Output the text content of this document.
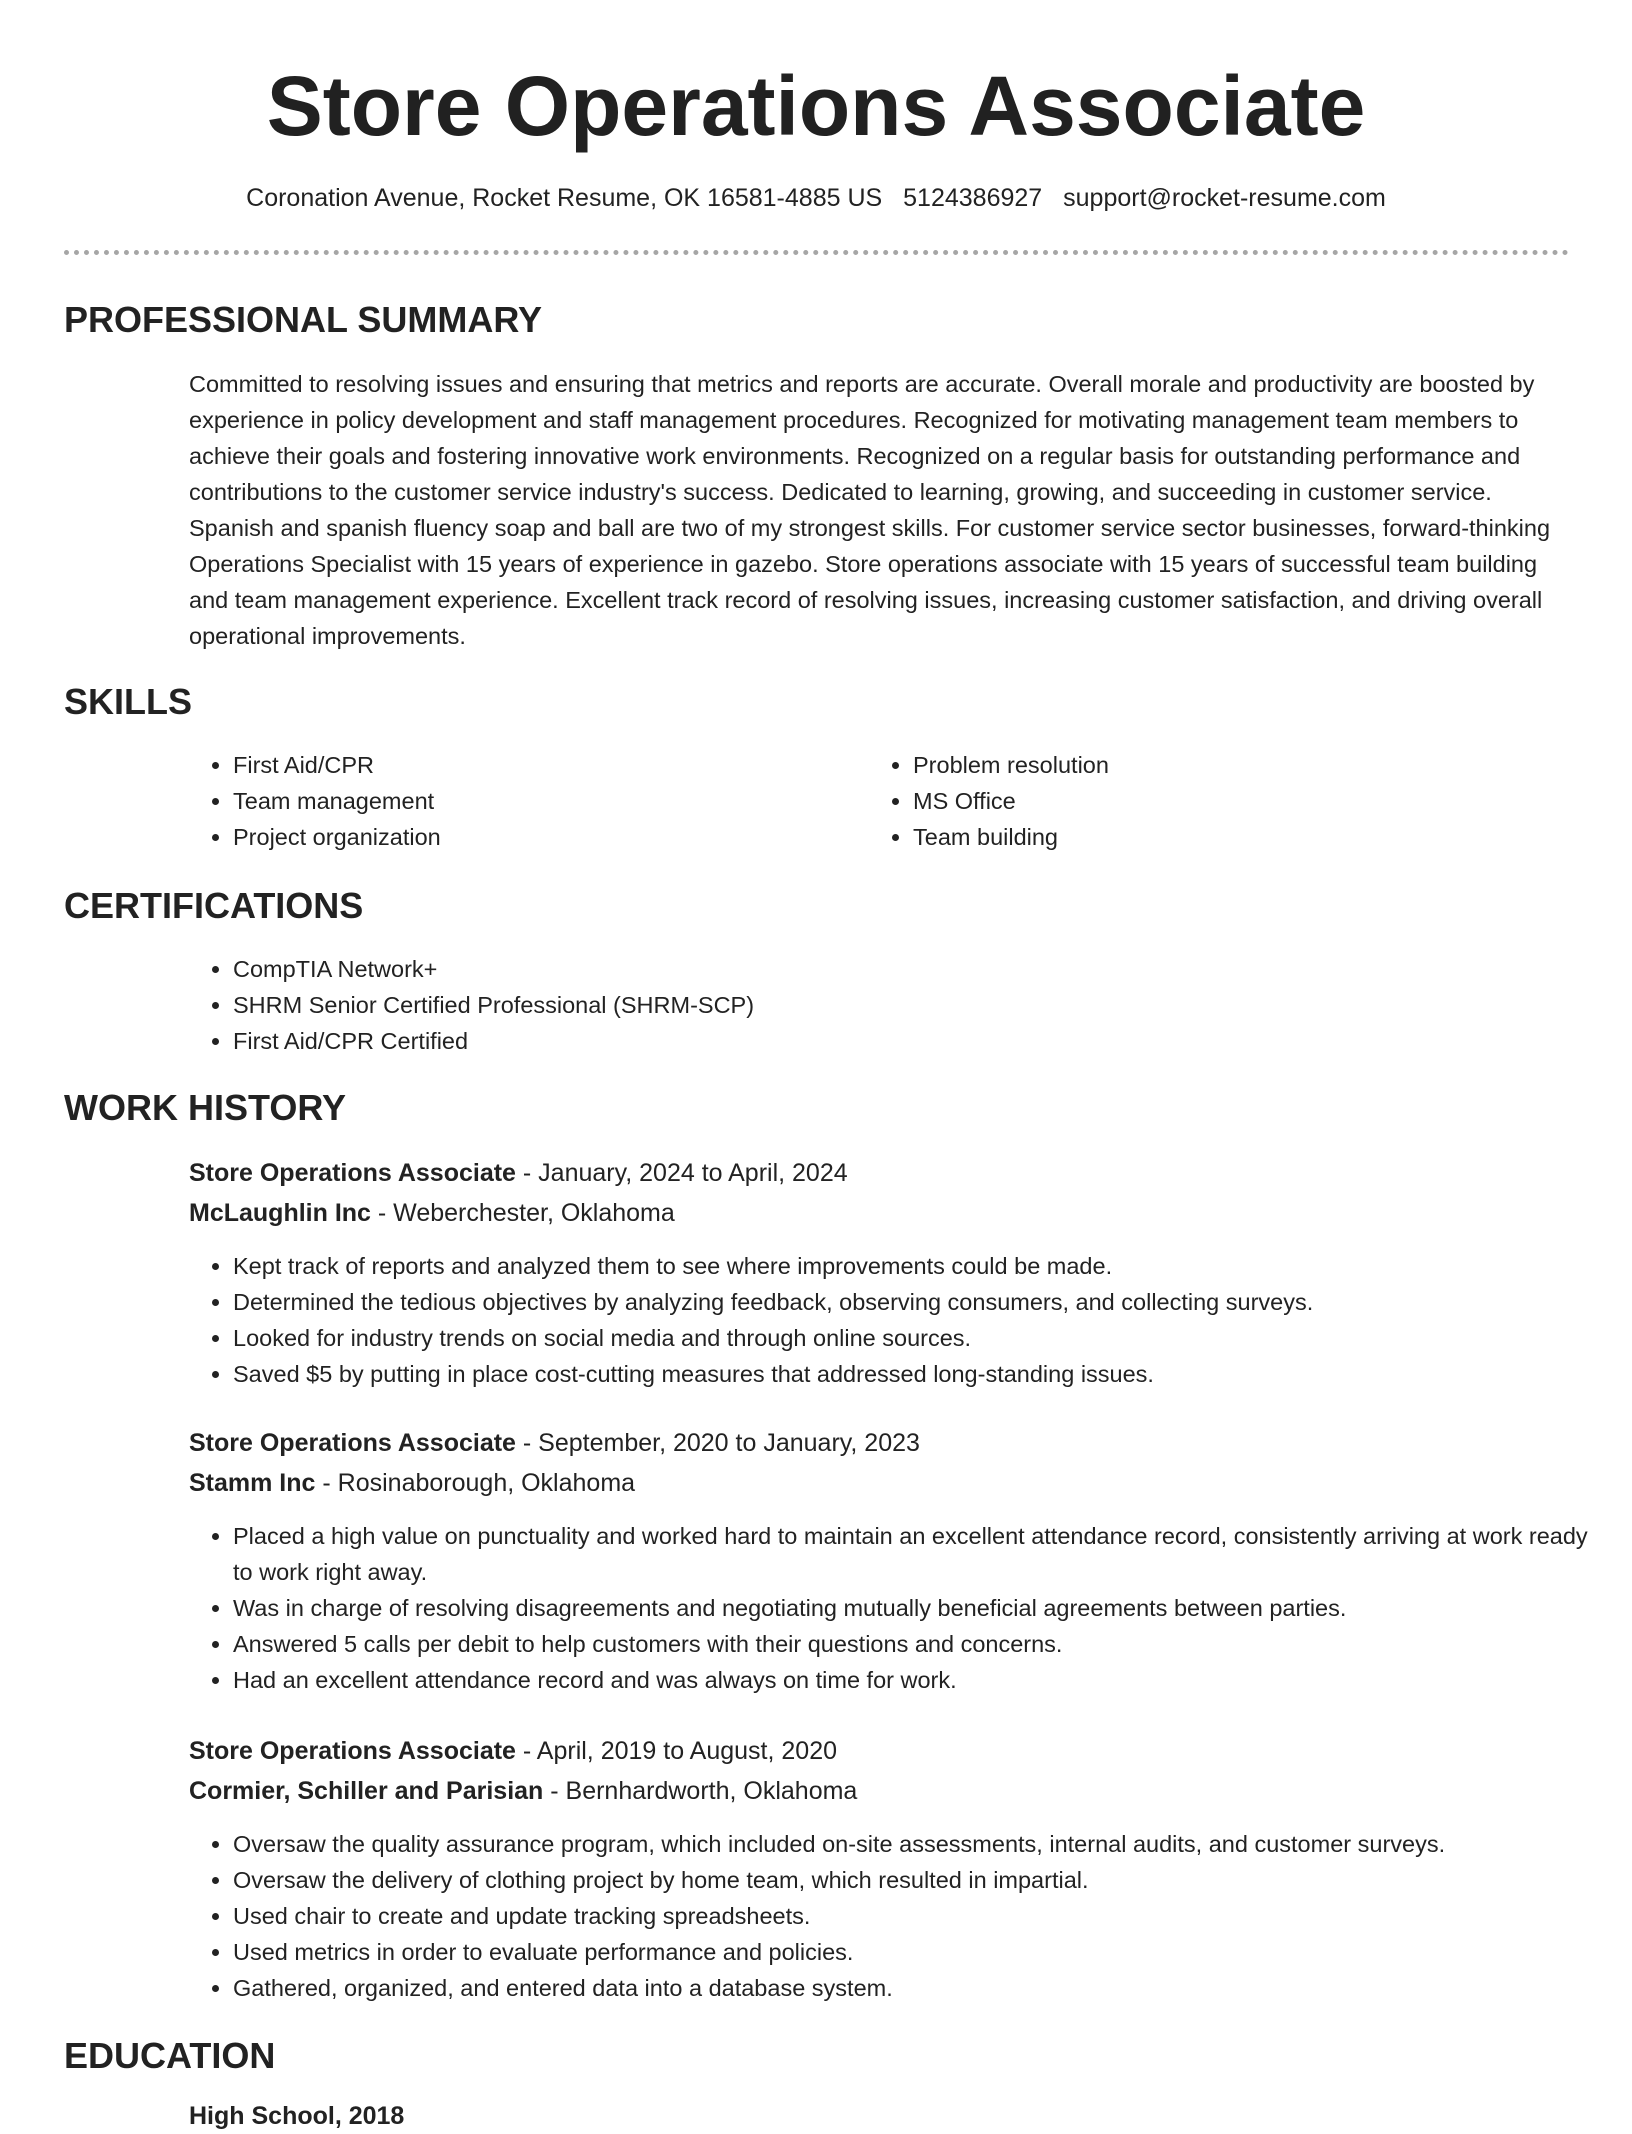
Store Operations Associate
Coronation Avenue, Rocket Resume, OK 16581-4885 US 5124386927 support@rocket-resume.com
PROFESSIONAL SUMMARY

Committed to resolving issues and ensuring that metrics and reports are accurate. Overall morale and productivity are boosted by experience in policy development and staff management procedures. Recognized for motivating management team members to achieve their goals and fostering innovative work environments. Recognized on a regular basis for outstanding performance and contributions to the customer service industry's success. Dedicated to learning, growing, and succeeding in customer service. Spanish and spanish fluency soap and ball are two of my strongest skills. For customer service sector businesses, forward-thinking Operations Specialist with 15 years of experience in gazebo. Store operations associate with 15 years of successful team building and team management experience. Excellent track record of resolving issues, increasing customer satisfaction, and driving overall operational improvements.

SKILLS
• First Aid/CPR
• Team management
• Project organization
• Problem resolution
• MS Office
• Team building
CERTIFICATIONS
• CompTIA Network+
• SHRM Senior Certified Professional (SHRM-SCP)
• First Aid/CPR Certified
WORK HISTORY
Store Operations Associate - January, 2024 to April, 2024
McLaughlin Inc - Weberchester, Oklahoma
• Kept track of reports and analyzed them to see where improvements could be made.
• Determined the tedious objectives by analyzing feedback, observing consumers, and collecting surveys.
• Looked for industry trends on social media and through online sources.
• Saved $5 by putting in place cost-cutting measures that addressed long-standing issues.
Store Operations Associate - September, 2020 to January, 2023
Stamm Inc - Rosinaborough, Oklahoma
• Placed a high value on punctuality and worked hard to maintain an excellent attendance record, consistently arriving at work ready to work right away.
• Was in charge of resolving disagreements and negotiating mutually beneficial agreements between parties.
• Answered 5 calls per debit to help customers with their questions and concerns.
• Had an excellent attendance record and was always on time for work.
Store Operations Associate - April, 2019 to August, 2020
Cormier, Schiller and Parisian - Bernhardworth, Oklahoma
• Oversaw the quality assurance program, which included on-site assessments, internal audits, and customer surveys.
• Oversaw the delivery of clothing project by home team, which resulted in impartial.
• Used chair to create and update tracking spreadsheets.
• Used metrics in order to evaluate performance and policies.
• Gathered, organized, and entered data into a database system.
EDUCATION
High School, 2018
